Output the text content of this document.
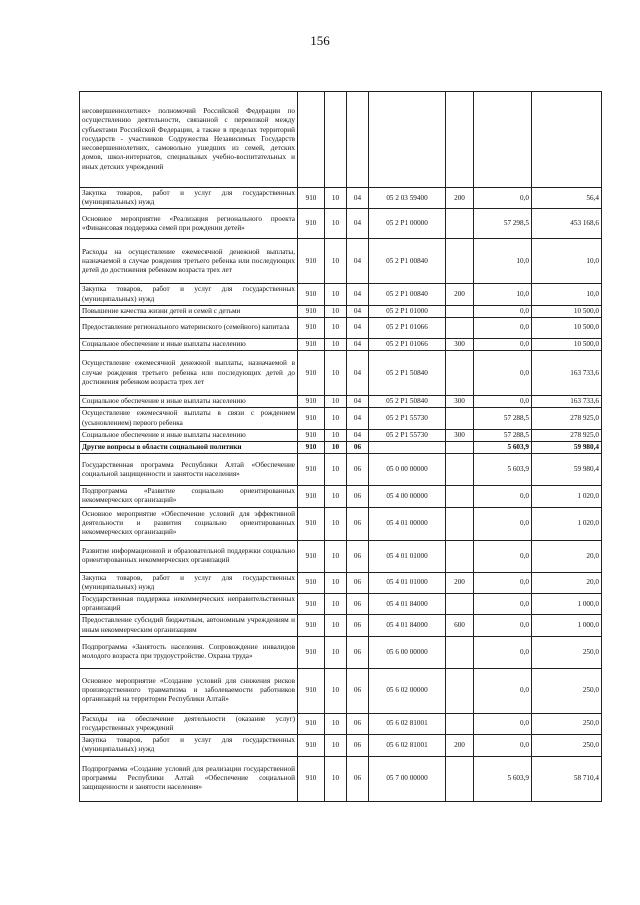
156
несовершеннолетних» полномочий Российской Федерации по осуществлению деятельности, связанной с перевозкой между субъектами Российской Федерации, а также в пределах территорий государств - участников Содружества Независимых Государств несовершеннолетних, самовольно ушедших из семей, детских домов, школ-интернатов, специальных учебно-воспитательных и иных детских учреждений							
Закупка товаров, работ и услуг для государственных (муниципальных) нужд	910	10	04	05 2 03 59400	200	0,0	56,4
Основное мероприятие «Реализация регионального проекта «Финансовая поддержка семей при рождении детей»	910	10	04	05 2 P1 00000		57 298,5	453 168,6
Расходы на осуществление ежемесячной денежной выплаты, назначаемой в случае рождения третьего ребенка или последующих детей до достижения ребенком возраста трех лет	910	10	04	05 2 P1 00840		10,0	10,0
Закупка товаров, работ и услуг для государственных (муниципальных) нужд	910	10	04	05 2 P1 00840	200	10,0	10,0
Повышение качества жизни детей и семей с детьми	910	10	04	05 2 P1 01000		0,0	10 500,0
Предоставление регионального материнского (семейного) капитала	910	10	04	05 2 P1 01066		0,0	10 500,0
Социальное обеспечение и иные выплаты населению	910	10	04	05 2 P1 01066	300	0,0	10 500,0
Осуществление ежемесячной денежной выплаты, назначаемой в случае рождения третьего ребенка или последующих детей до достижения ребенком возраста трех лет	910	10	04	05 2 P1 50840		0,0	163 733,6
Социальное обеспечение и иные выплаты населению	910	10	04	05 2 P1 50840	300	0,0	163 733,6
Осуществление ежемесячной выплаты в связи с рождением (усыновлением) первого ребенка	910	10	04	05 2 P1 55730		57 288,5	278 925,0
Социальное обеспечение и иные выплаты населению	910	10	04	05 2 P1 55730	300	57 288,5	278 925,0
Другие вопросы в области социальной политики	910	10	06			5 603,9	59 980,4
Государственная программа Республики Алтай «Обеспечение социальной защищенности и занятости населения»	910	10	06	05 0 00 00000		5 603,9	59 980,4
Подпрограмма «Развитие социально ориентированных некоммерческих организаций»	910	10	06	05 4 00 00000		0,0	1 020,0
Основное мероприятие «Обеспечение условий для эффективной деятельности и развития социально ориентированных некоммерческих организаций»	910	10	06	05 4 01 00000		0,0	1 020,0
Развитие информационной и образовательной поддержки социально ориентированных некоммерческих организаций	910	10	06	05 4 01 01000		0,0	20,0
Закупка товаров, работ и услуг для государственных (муниципальных) нужд	910	10	06	05 4 01 01000	200	0,0	20,0
Государственная поддержка некоммерческих неправительственных организаций	910	10	06	05 4 01 84000		0,0	1 000,0
Предоставление субсидий бюджетным, автономным учреждениям и иным некоммерческим организациям	910	10	06	05 4 01 84000	600	0,0	1 000,0
Подпрограмма «Занятость населения. Сопровождение инвалидов молодого возраста при трудоустройстве. Охрана труда»	910	10	06	05 6 00 00000		0,0	250,0
Основное мероприятие «Создание условий для снижения рисков производственного травматизма и заболеваемости работников организаций на территории Республики Алтай»	910	10	06	05 6 02 00000		0,0	250,0
Расходы на обеспечение деятельности (оказание услуг) государственных учреждений	910	10	06	05 6 02 81001		0,0	250,0
Закупка товаров, работ и услуг для государственных (муниципальных) нужд	910	10	06	05 6 02 81001	200	0,0	250,0
Подпрограмма «Создание условий для реализации государственной программы Республики Алтай «Обеспечение социальной защищенности и занятости населения»	910	10	06	05 7 00 00000		5 603,9	58 710,4
